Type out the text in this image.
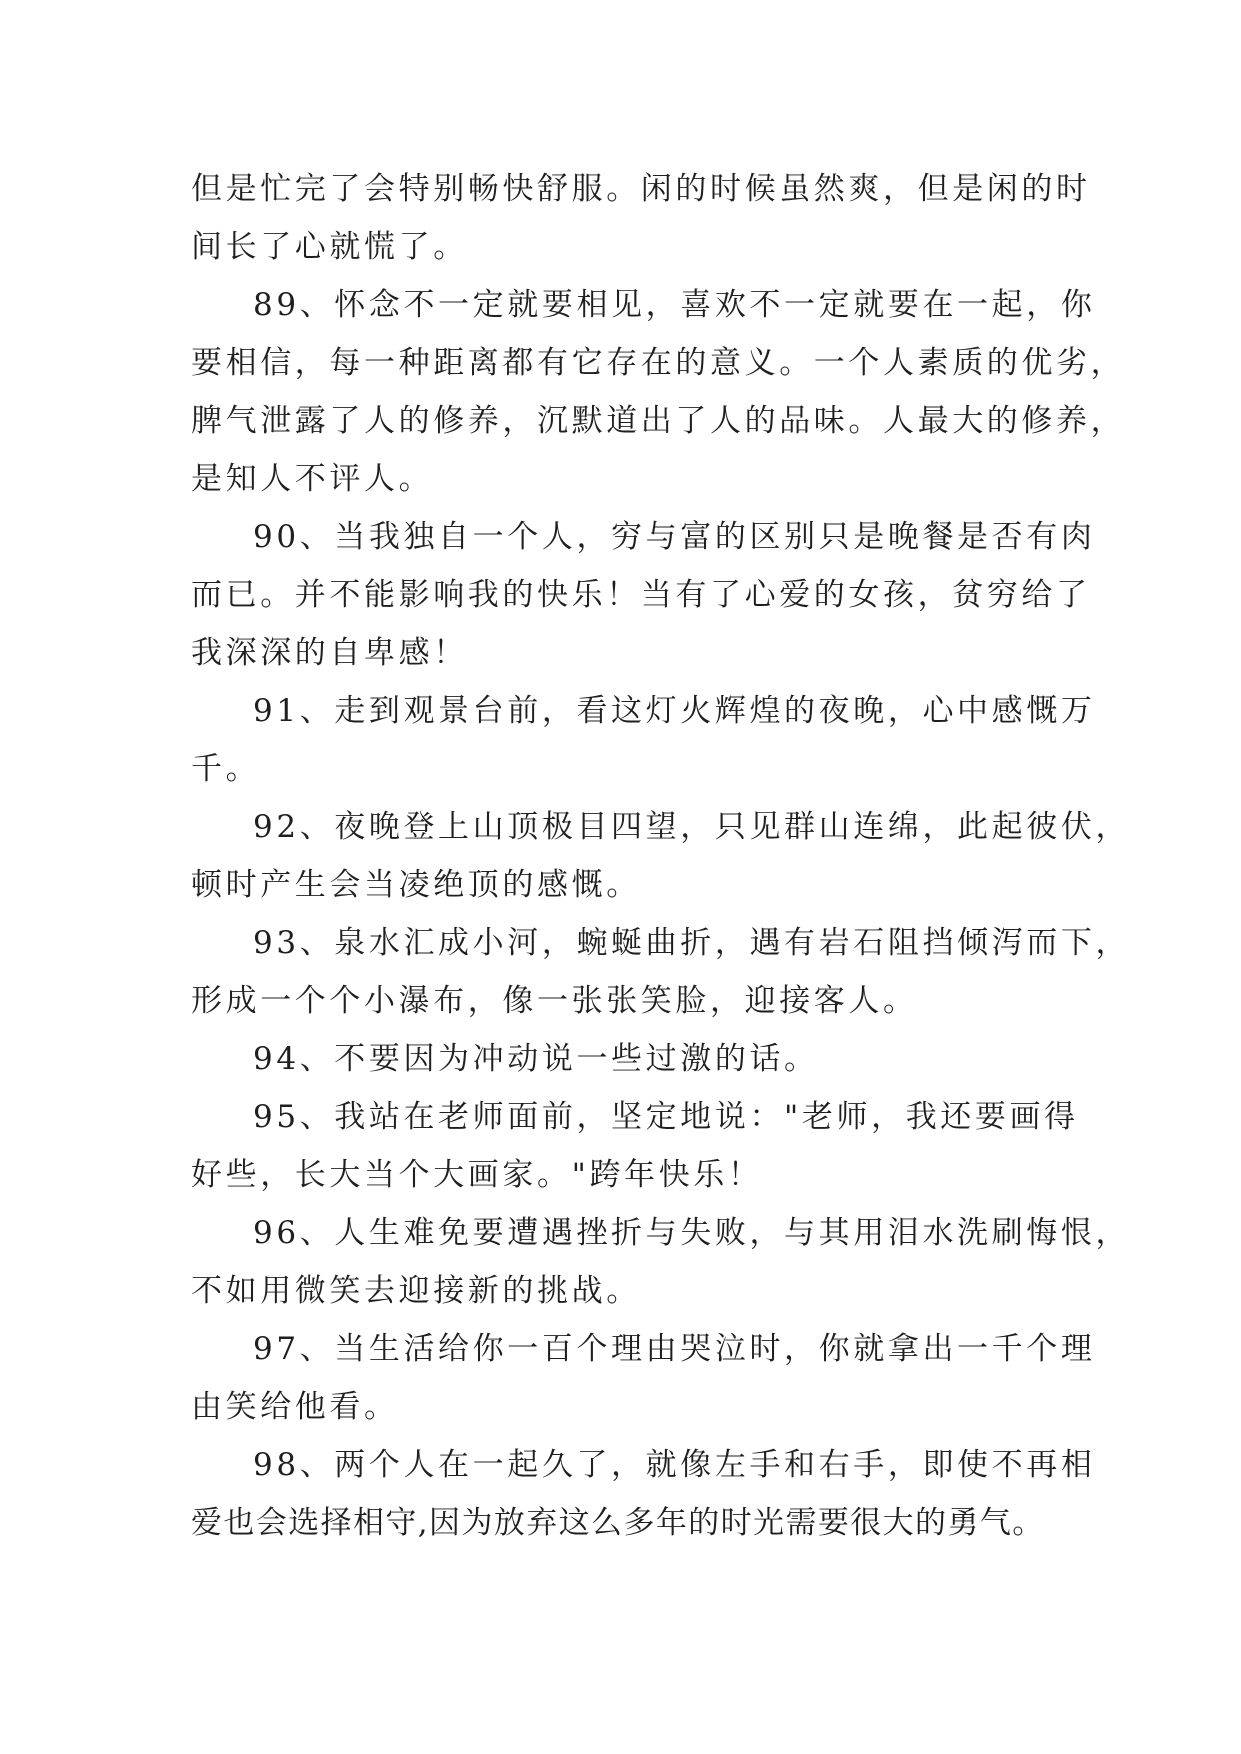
但是忙完了会特别畅快舒服。闲的时候虽然爽，但是闲的时
间长了心就慌了。

89、怀念不一定就要相见，喜欢不一定就要在一起，你
要相信，每一种距离都有它存在的意义。一个人素质的优劣，
脾气泄露了人的修养，沉默道出了人的品味。人最大的修养，
是知人不评人。

90、当我独自一个人，穷与富的区别只是晚餐是否有肉
而已。并不能影响我的快乐！当有了心爱的女孩，贫穷给了
我深深的自卑感！

91、走到观景台前，看这灯火辉煌的夜晚，心中感慨万
千。

92、夜晚登上山顶极目四望，只见群山连绵，此起彼伏，
顿时产生会当凌绝顶的感慨。

93、泉水汇成小河，蜿蜒曲折，遇有岩石阻挡倾泻而下，
形成一个个小瀑布，像一张张笑脸，迎接客人。

94、不要因为冲动说一些过激的话。

95、我站在老师面前，坚定地说："老师，我还要画得
好些，长大当个大画家。"跨年快乐！

96、人生难免要遭遇挫折与失败，与其用泪水洗刷悔恨，
不如用微笑去迎接新的挑战。

97、当生活给你一百个理由哭泣时，你就拿出一千个理
由笑给他看。

98、两个人在一起久了，就像左手和右手，即使不再相
爱也会选择相守,因为放弃这么多年的时光需要很大的勇气。
